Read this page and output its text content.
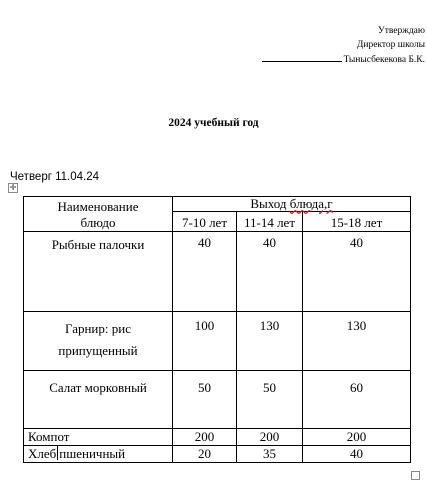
Утверждаю
Директор школы
Тынысбекекова Б.К.
2024 учебный год
Четверг 11.04.24
✛
Наименование
блюдо	Выход блюда,г		
	7-10 лет	11-14 лет	15-18 лет
Рыбные палочки	40	40	40
Гарнир: рис припущенный	100	130	130
Салат морковный	50	50	60
Компот	200	200	200
Хлеб пшеничный	20	35	40
